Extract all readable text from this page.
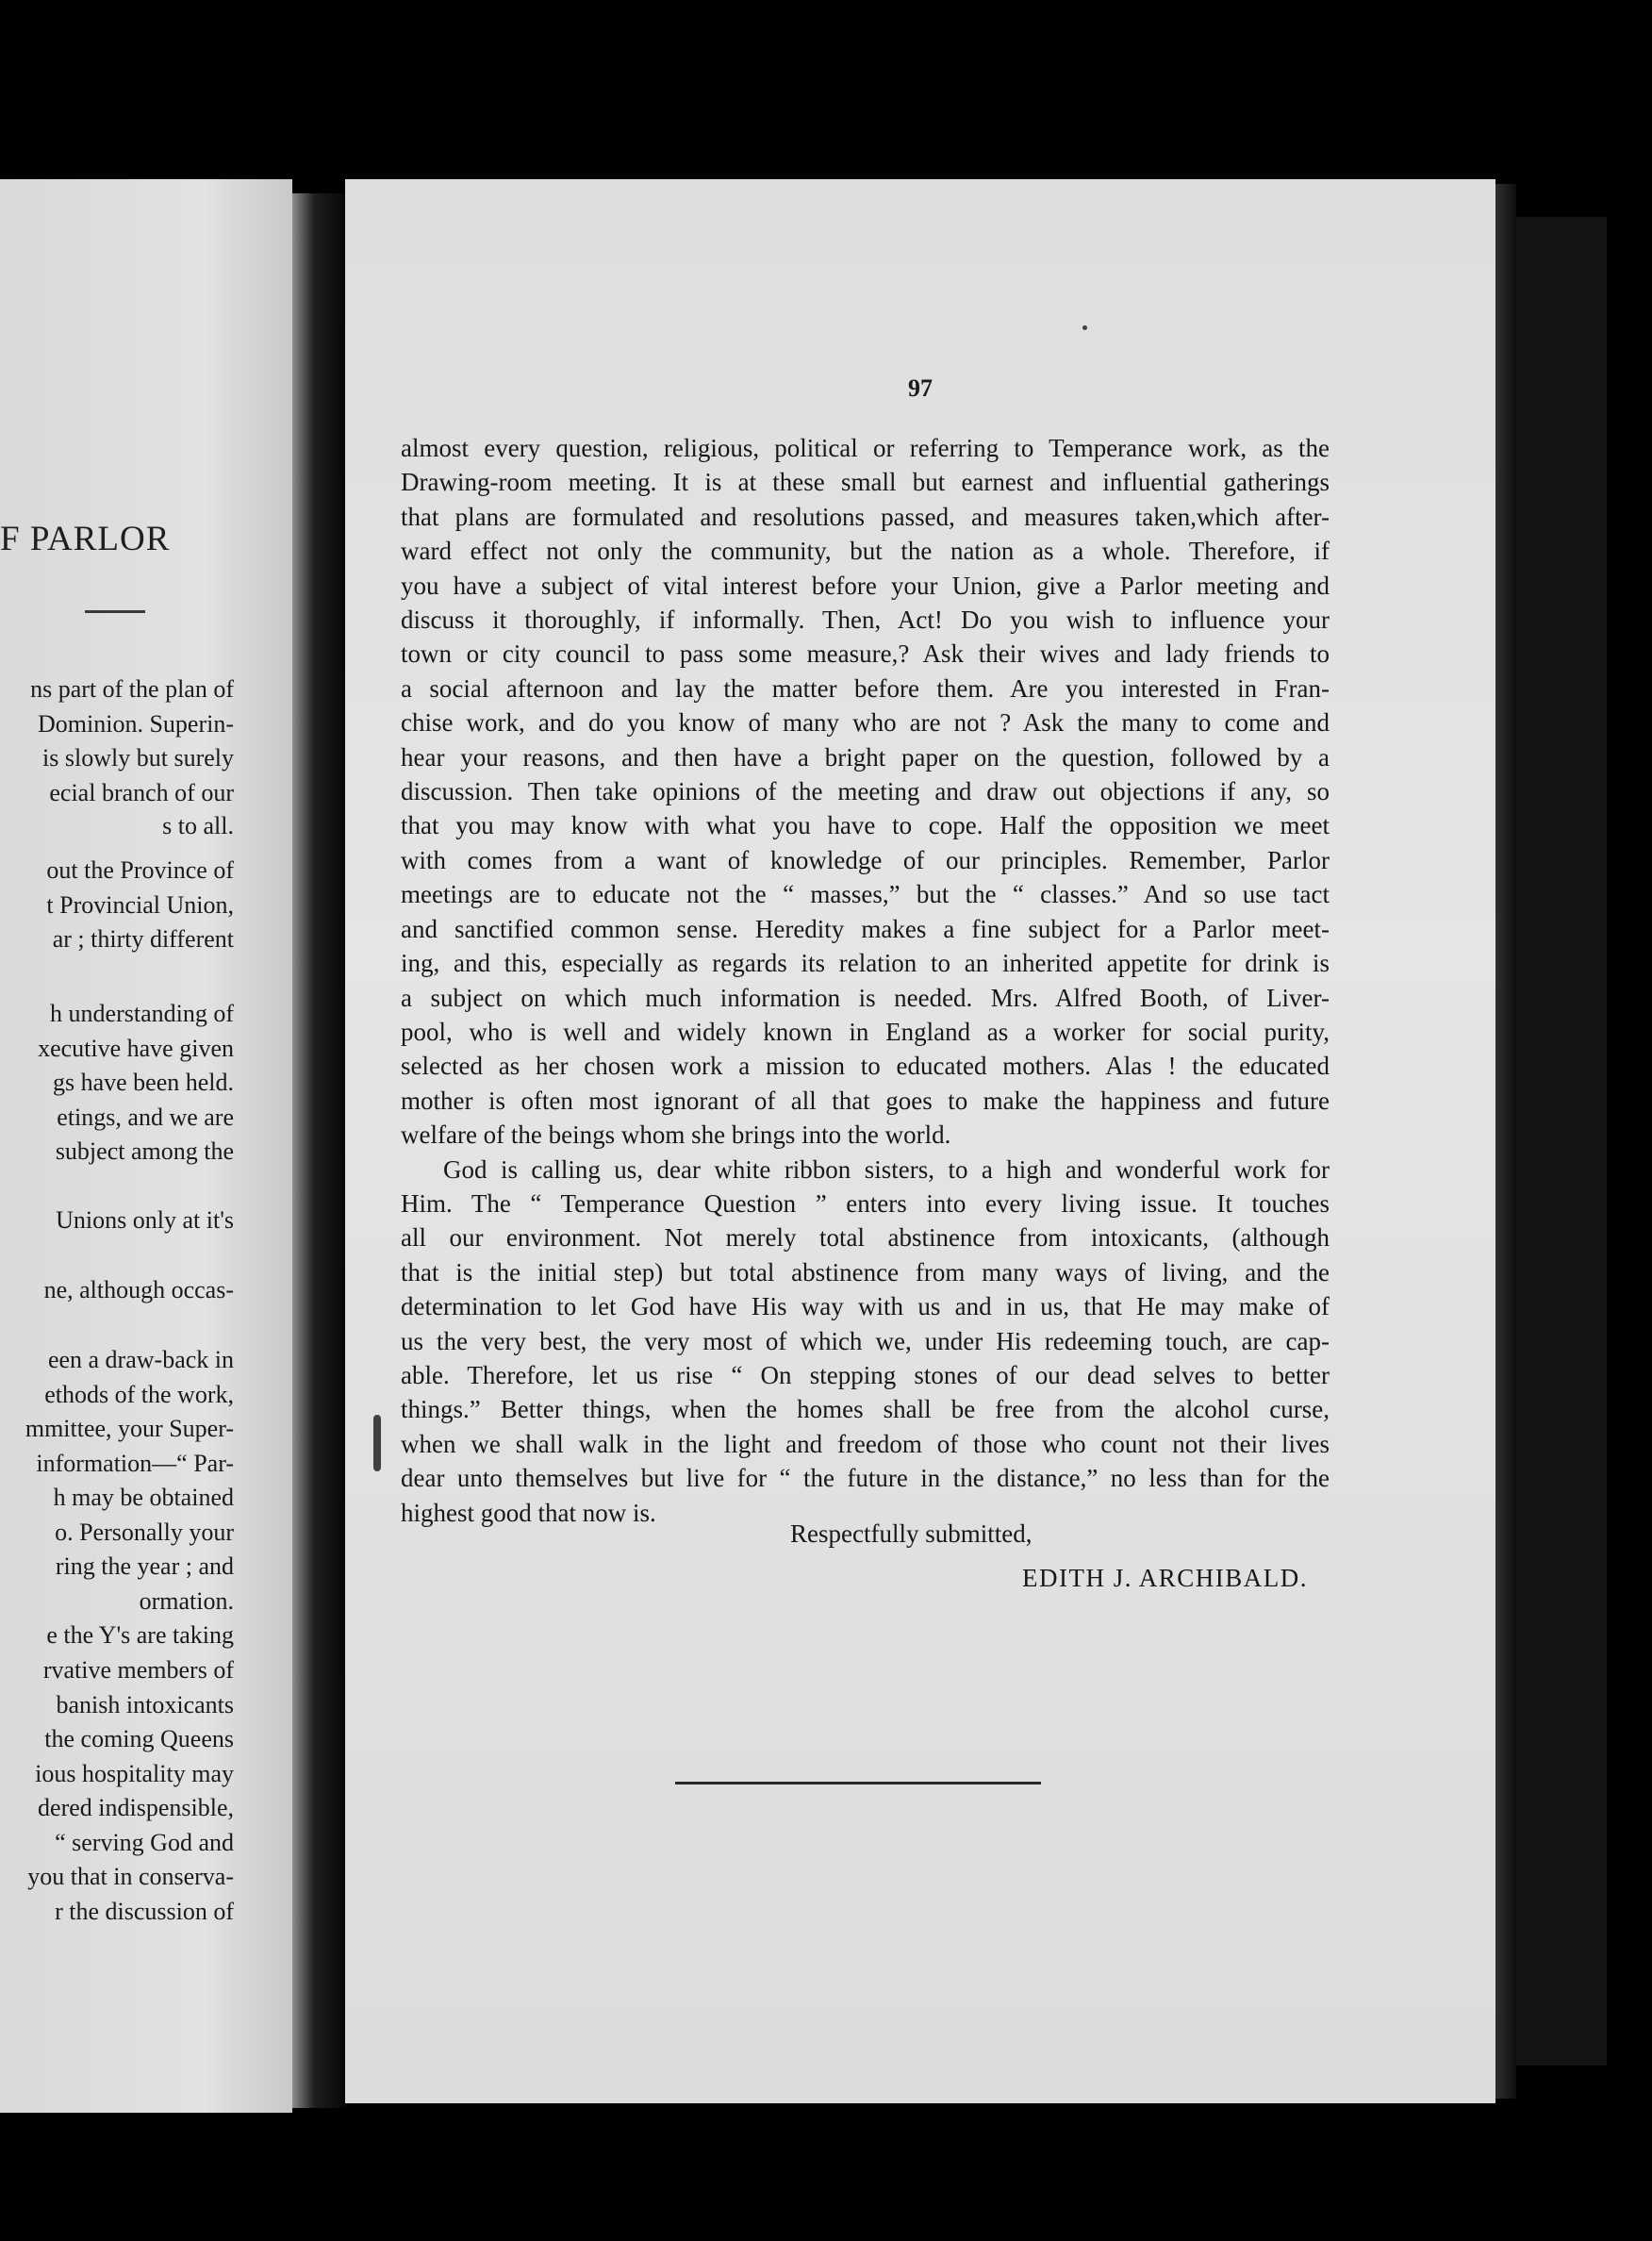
F PARLOR
ns part of the plan of
Dominion. Superin-
is slowly but surely
ecial branch of our
s to all.
out the Province of
t Provincial Union,
ar ; thirty different
h understanding of
xecutive have given
gs have been held.
etings, and we are
subject among the
Unions only at it's
ne, although occas-
een a draw-back in
ethods of the work,
mmittee, your Super-
information—“ Par-
h may be obtained
o. Personally your
ring the year ; and
ormation.
e the Y's are taking
rvative members of
banish intoxicants
the coming Queens
ious hospitality may
dered indispensible,
“ serving God and
you that in conserva-
r the discussion of
97
almost every question, religious, political or referring to Temperance work, as the
Drawing-room meeting. It is at these small but earnest and influential gatherings
that plans are formulated and resolutions passed, and measures taken,which after-
ward effect not only the community, but the nation as a whole. Therefore, if
you have a subject of vital interest before your Union, give a Parlor meeting and
discuss it thoroughly, if informally. Then, Act! Do you wish to influence your
town or city council to pass some measure,? Ask their wives and lady friends to
a social afternoon and lay the matter before them. Are you interested in Fran-
chise work, and do you know of many who are not ? Ask the many to come and
hear your reasons, and then have a bright paper on the question, followed by a
discussion. Then take opinions of the meeting and draw out objections if any, so
that you may know with what you have to cope. Half the opposition we meet
with comes from a want of knowledge of our principles. Remember, Parlor
meetings are to educate not the “ masses,” but the “ classes.” And so use tact
and sanctified common sense. Heredity makes a fine subject for a Parlor meet-
ing, and this, especially as regards its relation to an inherited appetite for drink is
a subject on which much information is needed. Mrs. Alfred Booth, of Liver-
pool, who is well and widely known in England as a worker for social purity,
selected as her chosen work a mission to educated mothers. Alas ! the educated
mother is often most ignorant of all that goes to make the happiness and future
welfare of the beings whom she brings into the world.
God is calling us, dear white ribbon sisters, to a high and wonderful work for
Him. The “ Temperance Question ” enters into every living issue. It touches
all our environment. Not merely total abstinence from intoxicants, (although
that is the initial step) but total abstinence from many ways of living, and the
determination to let God have His way with us and in us, that He may make of
us the very best, the very most of which we, under His redeeming touch, are cap-
able. Therefore, let us rise “ On stepping stones of our dead selves to better
things.” Better things, when the homes shall be free from the alcohol curse,
when we shall walk in the light and freedom of those who count not their lives
dear unto themselves but live for “ the future in the distance,” no less than for the
highest good that now is.
Respectfully submitted,
EDITH J. ARCHIBALD.
